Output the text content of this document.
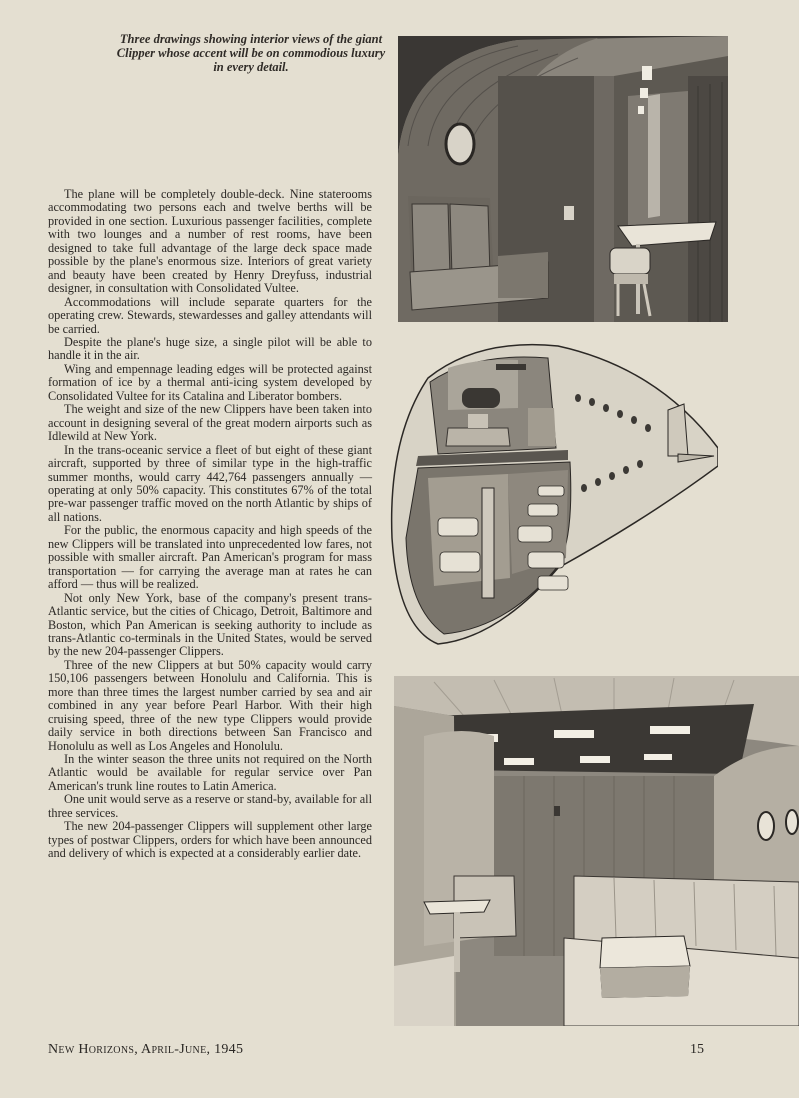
Three drawings showing interior views of the giant Clipper whose accent will be on commodious luxury in every detail.

The plane will be completely double-deck. Nine staterooms accommodating two persons each and twelve berths will be provided in one section. Luxurious passenger facilities, complete with two lounges and a number of rest rooms, have been designed to take full advantage of the large deck space made possible by the plane's enormous size. Interiors of great variety and beauty have been created by Henry Dreyfuss, industrial designer, in consultation with Consolidated Vultee.

Accommodations will include separate quarters for the operating crew. Stewards, stewardesses and galley attendants will be carried.

Despite the plane's huge size, a single pilot will be able to handle it in the air.

Wing and empennage leading edges will be protected against formation of ice by a thermal anti-icing system developed by Consolidated Vultee for its Catalina and Liberator bombers.

The weight and size of the new Clippers have been taken into account in designing several of the great modern airports such as Idlewild at New York.

In the trans-oceanic service a fleet of but eight of these giant aircraft, supported by three of similar type in the high-traffic summer months, would carry 442,764 passengers annually — operating at only 50% capacity. This constitutes 67% of the total pre-war passenger traffic moved on the north Atlantic by ships of all nations.

For the public, the enormous capacity and high speeds of the new Clippers will be translated into unprecedented low fares, not possible with smaller aircraft. Pan American's program for mass transportation — for carrying the average man at rates he can afford — thus will be realized.

Not only New York, base of the company's present trans-Atlantic service, but the cities of Chicago, Detroit, Baltimore and Boston, which Pan American is seeking authority to include as trans-Atlantic co-terminals in the United States, would be served by the new 204-passenger Clippers.

Three of the new Clippers at but 50% capacity would carry 150,106 passengers between Honolulu and California. This is more than three times the largest number carried by sea and air combined in any year before Pearl Harbor. With their high cruising speed, three of the new type Clippers would provide daily service in both directions between San Francisco and Honolulu as well as Los Angeles and Honolulu.

In the winter season the three units not required on the North Atlantic would be available for regular service over Pan American's trunk line routes to Latin America.

One unit would serve as a reserve or stand-by, available for all three services.

The new 204-passenger Clippers will supplement other large types of postwar Clippers, orders for which have been announced and delivery of which is expected at a considerably earlier date.

New Horizons, April-June, 1945	15
